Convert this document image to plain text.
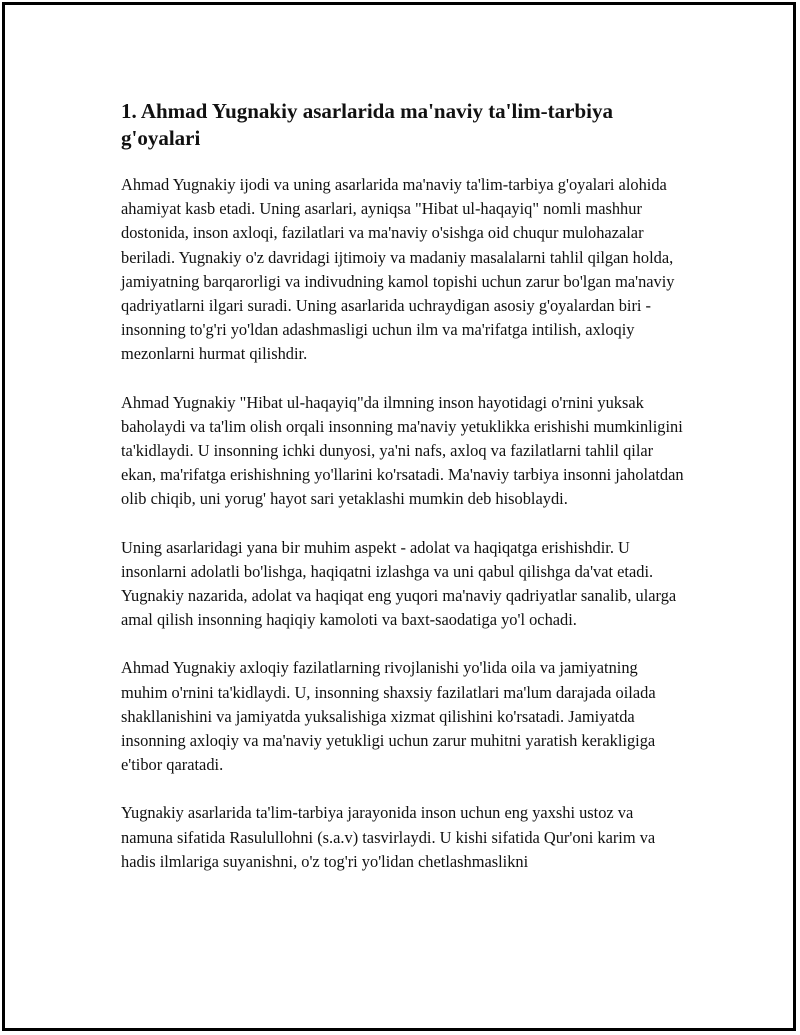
1. Ahmad Yugnakiy asarlarida ma'naviy ta'lim-tarbiya g'oyalari

Ahmad Yugnakiy ijodi va uning asarlarida ma'naviy ta'lim-tarbiya g'oyalari alohida ahamiyat kasb etadi. Uning asarlari, ayniqsa "Hibat ul-haqayiq" nomli mashhur dostonida, inson axloqi, fazilatlari va ma'naviy o'sishga oid chuqur mulohazalar beriladi. Yugnakiy o'z davridagi ijtimoiy va madaniy masalalarni tahlil qilgan holda, jamiyatning barqarorligi va indivudning kamol topishi uchun zarur bo'lgan ma'naviy qadriyatlarni ilgari suradi. Uning asarlarida uchraydigan asosiy g'oyalardan biri - insonning to'g'ri yo'ldan adashmasligi uchun ilm va ma'rifatga intilish, axloqiy mezonlarni hurmat qilishdir.

Ahmad Yugnakiy "Hibat ul-haqayiq"da ilmning inson hayotidagi o'rnini yuksak baholaydi va ta'lim olish orqali insonning ma'naviy yetuklikka erishishi mumkinligini ta'kidlaydi. U insonning ichki dunyosi, ya'ni nafs, axloq va fazilatlarni tahlil qilar ekan, ma'rifatga erishishning yo'llarini ko'rsatadi. Ma'naviy tarbiya insonni jaholatdan olib chiqib, uni yorug' hayot sari yetaklashi mumkin deb hisoblaydi.

Uning asarlaridagi yana bir muhim aspekt - adolat va haqiqatga erishishdir. U insonlarni adolatli bo'lishga, haqiqatni izlashga va uni qabul qilishga da'vat etadi. Yugnakiy nazarida, adolat va haqiqat eng yuqori ma'naviy qadriyatlar sanalib, ularga amal qilish insonning haqiqiy kamoloti va baxt-saodatiga yo'l ochadi.

Ahmad Yugnakiy axloqiy fazilatlarning rivojlanishi yo'lida oila va jamiyatning muhim o'rnini ta'kidlaydi. U, insonning shaxsiy fazilatlari ma'lum darajada oilada shakllanishini va jamiyatda yuksalishiga xizmat qilishini ko'rsatadi. Jamiyatda insonning axloqiy va ma'naviy yetukligi uchun zarur muhitni yaratish kerakligiga e'tibor qaratadi.

Yugnakiy asarlarida ta'lim-tarbiya jarayonida inson uchun eng yaxshi ustoz va namuna sifatida Rasulullohni (s.a.v) tasvirlaydi. U kishi sifatida Qur'oni karim va hadis ilmlariga suyanishni, o'z tog'ri yo'lidan chetlashmaslikni
